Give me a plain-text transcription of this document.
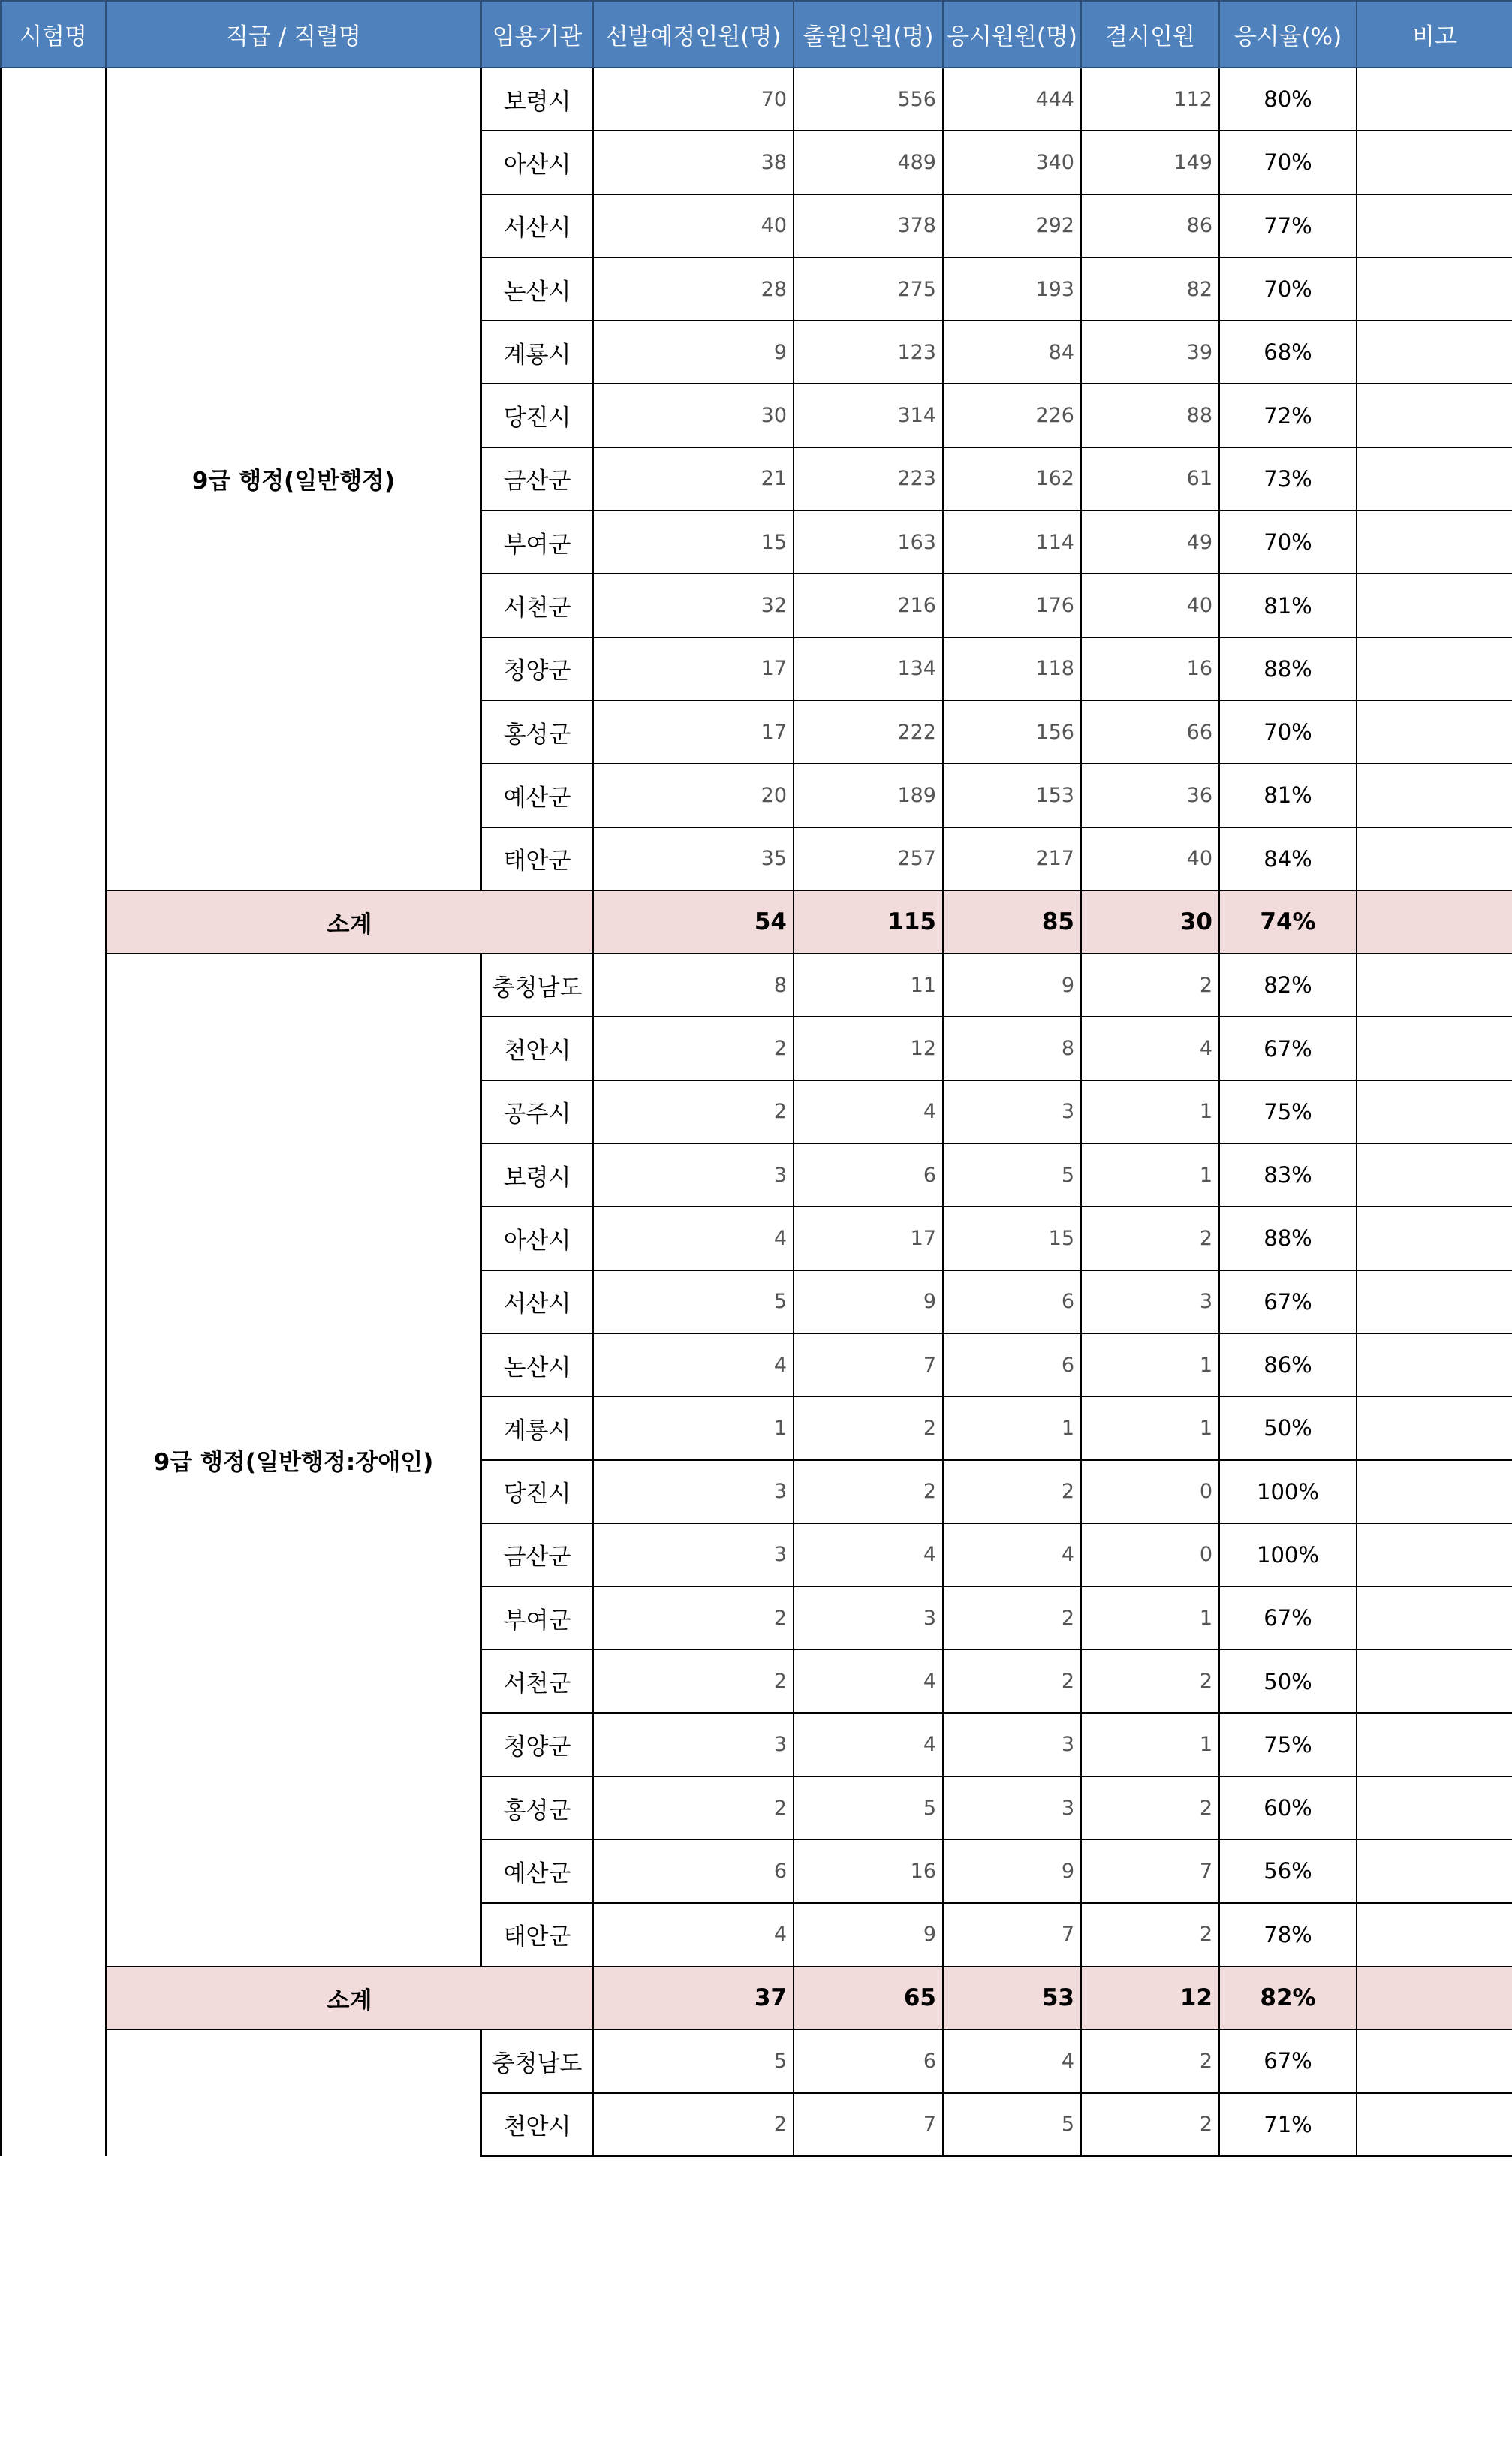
시험명	직급 / 직렬명	임용기관	선발예정인원(명)	출원인원(명)	응시원원(명)	결시인원	응시율(%)	비고
	9급 행정(일반행정)	보령시	70	556	444	112	80%	
		아산시	38	489	340	149	70%	
		서산시	40	378	292	86	77%	
		논산시	28	275	193	82	70%	
		계룡시	9	123	84	39	68%	
		당진시	30	314	226	88	72%	
		금산군	21	223	162	61	73%	
		부여군	15	163	114	49	70%	
		서천군	32	216	176	40	81%	
		청양군	17	134	118	16	88%	
		홍성군	17	222	156	66	70%	
		예산군	20	189	153	36	81%	
		태안군	35	257	217	40	84%	
	소계		54	115	85	30	74%	
	9급 행정(일반행정:장애인)	충청남도	8	11	9	2	82%	
		천안시	2	12	8	4	67%	
		공주시	2	4	3	1	75%	
		보령시	3	6	5	1	83%	
		아산시	4	17	15	2	88%	
		서산시	5	9	6	3	67%	
		논산시	4	7	6	1	86%	
		계룡시	1	2	1	1	50%	
		당진시	3	2	2	0	100%	
		금산군	3	4	4	0	100%	
		부여군	2	3	2	1	67%	
		서천군	2	4	2	2	50%	
		청양군	3	4	3	1	75%	
		홍성군	2	5	3	2	60%	
		예산군	6	16	9	7	56%	
		태안군	4	9	7	2	78%	
	소계		37	65	53	12	82%	
		충청남도	5	6	4	2	67%	
		천안시	2	7	5	2	71%	
